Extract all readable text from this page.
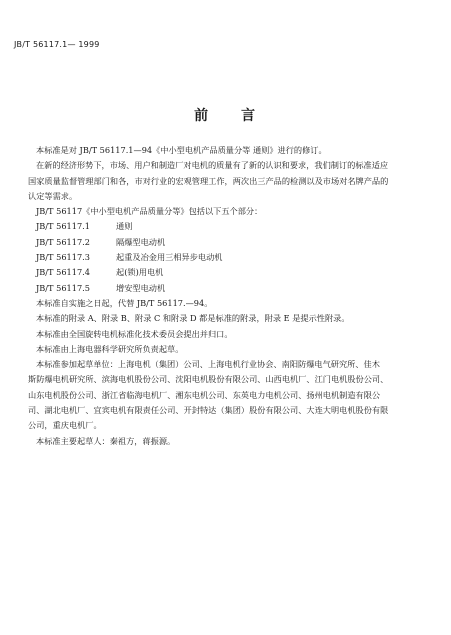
JB/T 56117.1— 1999
前 言
本标准是对 JB/T 56117.1—94《中小型电机产品质量分等 通则》进行的修订。
在新的经济形势下，市场、用户和制造厂对电机的质量有了新的认识和要求，我们制订的标准适应
国家质量监督管理部门和各，市对行业的宏观管理工作，两次出三产品的检测以及市场对名牌产品的
认定等需求。
JB/T 56117《中小型电机产品质量分等》包括以下五个部分：
JB/T 56117.1	通则
JB/T 56117.2	隔爆型电动机
JB/T 56117.3	起重及冶金用三相异步电动机
JB/T 56117.4	起(锁)用电机
JB/T 56117.5	增安型电动机
本标准自实施之日起，代替 JB/T 56117.—94。
本标准的附录 A、附录 B、附录 C 和附录 D 都是标准的附录，附录 E 是提示性附录。
本标准由全国旋转电机标准化技术委员会提出并归口。
本标准由上海电器科学研究所负责起草。
本标准参加起草单位：上海电机（集团）公司、上海电机行业协会、南阳防爆电气研究所、佳木
斯防爆电机研究所、滨海电机股份公司、沈阳电机股份有限公司、山西电机厂、江门电机股份公司、
山东电机股份公司、浙江省临海电机厂、湘东电机公司、东英电力电机公司、扬州电机制造有限公
司、湖北电机厂、宜宾电机有限责任公司、开封特达（集团）股份有限公司、大连大明电机股份有限
公司，重庆电机厂。
本标准主要起草人：秦祖方，蒋振源。
